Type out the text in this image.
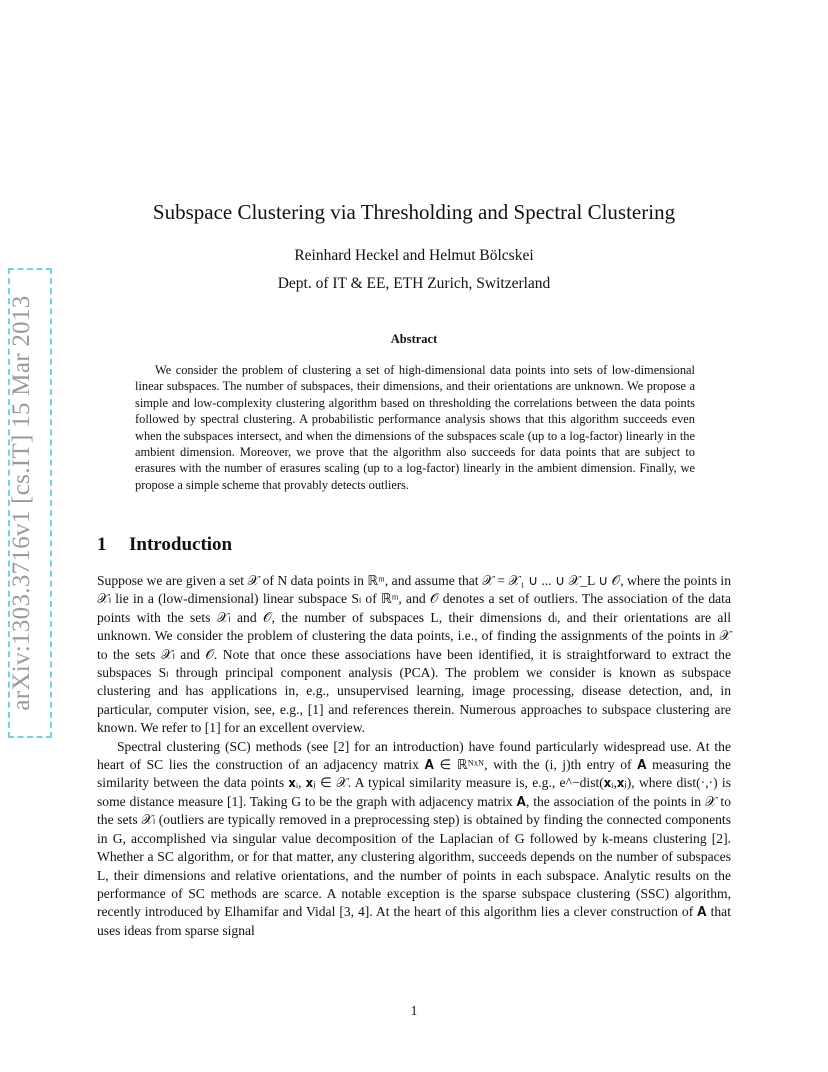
arXiv:1303.3716v1 [cs.IT] 15 Mar 2013
Subspace Clustering via Thresholding and Spectral Clustering
Reinhard Heckel and Helmut Bölcskei
Dept. of IT & EE, ETH Zurich, Switzerland
Abstract
We consider the problem of clustering a set of high-dimensional data points into sets of low-dimensional linear subspaces. The number of subspaces, their dimensions, and their orientations are unknown. We propose a simple and low-complexity clustering algorithm based on thresholding the correlations between the data points followed by spectral clustering. A probabilistic performance analysis shows that this algorithm succeeds even when the subspaces intersect, and when the dimensions of the subspaces scale (up to a log-factor) linearly in the ambient dimension. Moreover, we prove that the algorithm also succeeds for data points that are subject to erasures with the number of erasures scaling (up to a log-factor) linearly in the ambient dimension. Finally, we propose a simple scheme that provably detects outliers.
1 Introduction

Suppose we are given a set 𝒳 of N data points in ℝᵐ, and assume that 𝒳 = 𝒳₁ ∪ ... ∪ 𝒳_L ∪ 𝒪, where the points in 𝒳ₗ lie in a (low-dimensional) linear subspace Sₗ of ℝᵐ, and 𝒪 denotes a set of outliers. The association of the data points with the sets 𝒳ₗ and 𝒪, the number of subspaces L, their dimensions dₗ, and their orientations are all unknown. We consider the problem of clustering the data points, i.e., of finding the assignments of the points in 𝒳 to the sets 𝒳ₗ and 𝒪. Note that once these associations have been identified, it is straightforward to extract the subspaces Sₗ through principal component analysis (PCA). The problem we consider is known as subspace clustering and has applications in, e.g., unsupervised learning, image processing, disease detection, and, in particular, computer vision, see, e.g., [1] and references therein. Numerous approaches to subspace clustering are known. We refer to [1] for an excellent overview.

Spectral clustering (SC) methods (see [2] for an introduction) have found particularly widespread use. At the heart of SC lies the construction of an adjacency matrix 𝐀 ∈ ℝᴺˣᴺ, with the (i, j)th entry of 𝐀 measuring the similarity between the data points 𝐱ᵢ, 𝐱ⱼ ∈ 𝒳. A typical similarity measure is, e.g., e^−dist(𝐱ᵢ,𝐱ⱼ), where dist(·,·) is some distance measure [1]. Taking G to be the graph with adjacency matrix 𝐀, the association of the points in 𝒳 to the sets 𝒳ₗ (outliers are typically removed in a preprocessing step) is obtained by finding the connected components in G, accomplished via singular value decomposition of the Laplacian of G followed by k-means clustering [2]. Whether a SC algorithm, or for that matter, any clustering algorithm, succeeds depends on the number of subspaces L, their dimensions and relative orientations, and the number of points in each subspace. Analytic results on the performance of SC methods are scarce. A notable exception is the sparse subspace clustering (SSC) algorithm, recently introduced by Elhamifar and Vidal [3, 4]. At the heart of this algorithm lies a clever construction of 𝐀 that uses ideas from sparse signal

1
